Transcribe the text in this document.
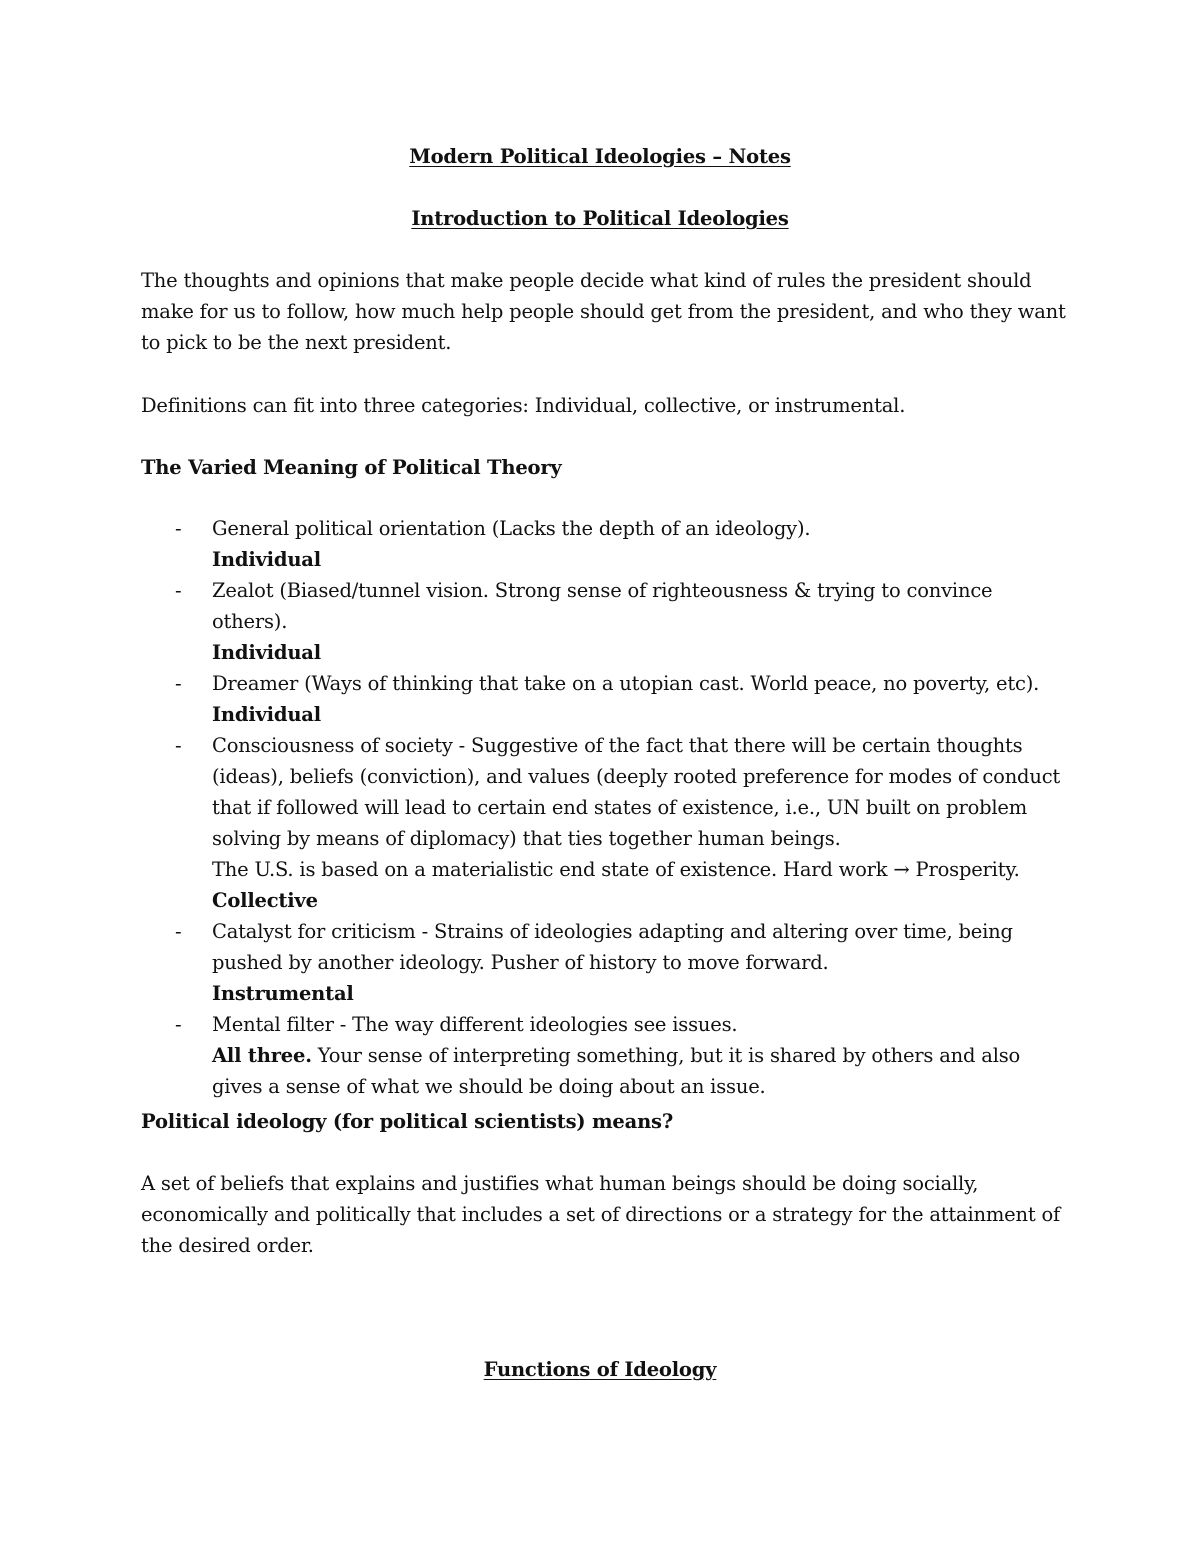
Modern Political Ideologies – Notes

Introduction to Political Ideologies

The thoughts and opinions that make people decide what kind of rules the president should make for us to follow, how much help people should get from the president, and who they want to pick to be the next president.

Definitions can fit into three categories: Individual, collective, or instrumental.

The Varied Meaning of Political Theory

- General political orientation (Lacks the depth of an ideology).
Individual
- Zealot (Biased/tunnel vision. Strong sense of righteousness & trying to convince others).
Individual
- Dreamer (Ways of thinking that take on a utopian cast. World peace, no poverty, etc).
Individual
- Consciousness of society - Suggestive of the fact that there will be certain thoughts (ideas), beliefs (conviction), and values (deeply rooted preference for modes of conduct that if followed will lead to certain end states of existence, i.e., UN built on problem solving by means of diplomacy) that ties together human beings.
The U.S. is based on a materialistic end state of existence. Hard work → Prosperity.
Collective
- Catalyst for criticism - Strains of ideologies adapting and altering over time, being pushed by another ideology. Pusher of history to move forward.
Instrumental
- Mental filter - The way different ideologies see issues.
All three. Your sense of interpreting something, but it is shared by others and also gives a sense of what we should be doing about an issue.

Political ideology (for political scientists) means?

A set of beliefs that explains and justifies what human beings should be doing socially, economically and politically that includes a set of directions or a strategy for the attainment of the desired order.

Functions of Ideology
